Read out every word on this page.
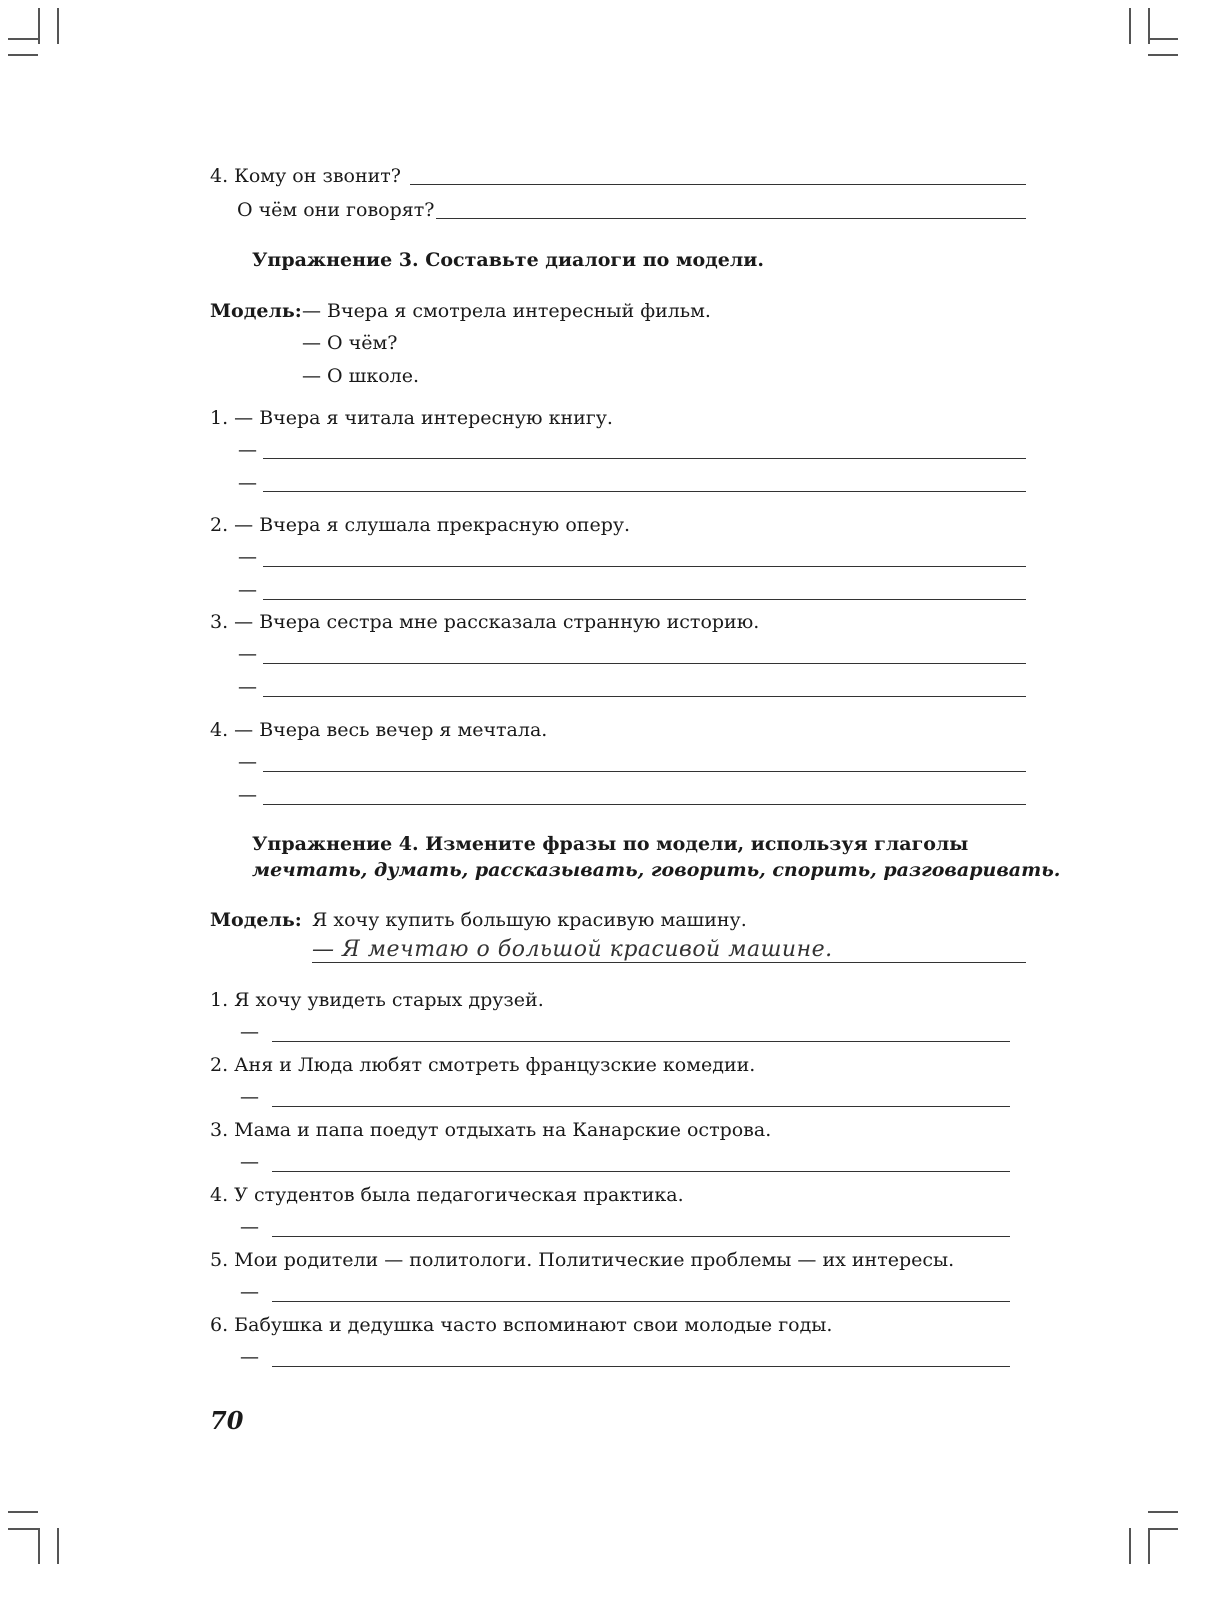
4. Кому он звонит?
О чём они говорят?
Упражнение 3. Составьте диалоги по модели.
Модель: — Вчера я смотрела интересный фильм.
— О чём?
— О школе.
1. — Вчера я читала интересную книгу.
—
—
2. — Вчера я слушала прекрасную оперу.
—
—
3. — Вчера сестра мне рассказала странную историю.
—
—
4. — Вчера весь вечер я мечтала.
—
—
Упражнение 4. Измените фразы по модели, используя глаголы
мечтать, думать, рассказывать, говорить, спорить, разговаривать.
Модель: Я хочу купить большую красивую машину.
— Я мечтаю о большой красивой машине.
1. Я хочу увидеть старых друзей.
—
2. Аня и Люда любят смотреть французские комедии.
—
3. Мама и папа поедут отдыхать на Канарские острова.
—
4. У студентов была педагогическая практика.
—
5. Мои родители — политологи. Политические проблемы — их интересы.
—
6. Бабушка и дедушка часто вспоминают свои молодые годы.
—
70
